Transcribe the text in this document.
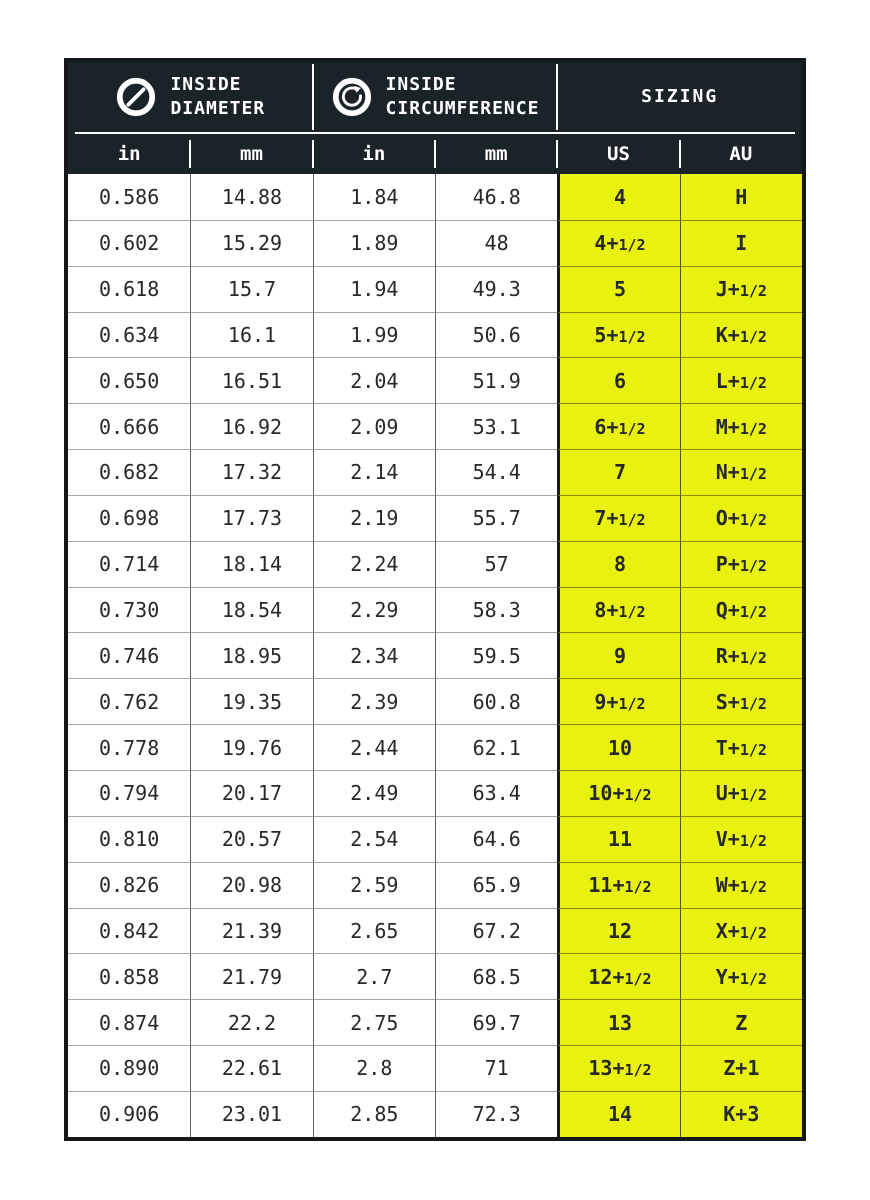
INSIDE
DIAMETER
INSIDE
CIRCUMFERENCE
SIZING
in	mm	in	mm	US	AU
0.586	14.88	1.84	46.8	4	H
0.602	15.29	1.89	48	4+1/2	I
0.618	15.7	1.94	49.3	5	J+1/2
0.634	16.1	1.99	50.6	5+1/2	K+1/2
0.650	16.51	2.04	51.9	6	L+1/2
0.666	16.92	2.09	53.1	6+1/2	M+1/2
0.682	17.32	2.14	54.4	7	N+1/2
0.698	17.73	2.19	55.7	7+1/2	O+1/2
0.714	18.14	2.24	57	8	P+1/2
0.730	18.54	2.29	58.3	8+1/2	Q+1/2
0.746	18.95	2.34	59.5	9	R+1/2
0.762	19.35	2.39	60.8	9+1/2	S+1/2
0.778	19.76	2.44	62.1	10	T+1/2
0.794	20.17	2.49	63.4	10+1/2	U+1/2
0.810	20.57	2.54	64.6	11	V+1/2
0.826	20.98	2.59	65.9	11+1/2	W+1/2
0.842	21.39	2.65	67.2	12	X+1/2
0.858	21.79	2.7	68.5	12+1/2	Y+1/2
0.874	22.2	2.75	69.7	13	Z
0.890	22.61	2.8	71	13+1/2	Z+1
0.906	23.01	2.85	72.3	14	K+3
